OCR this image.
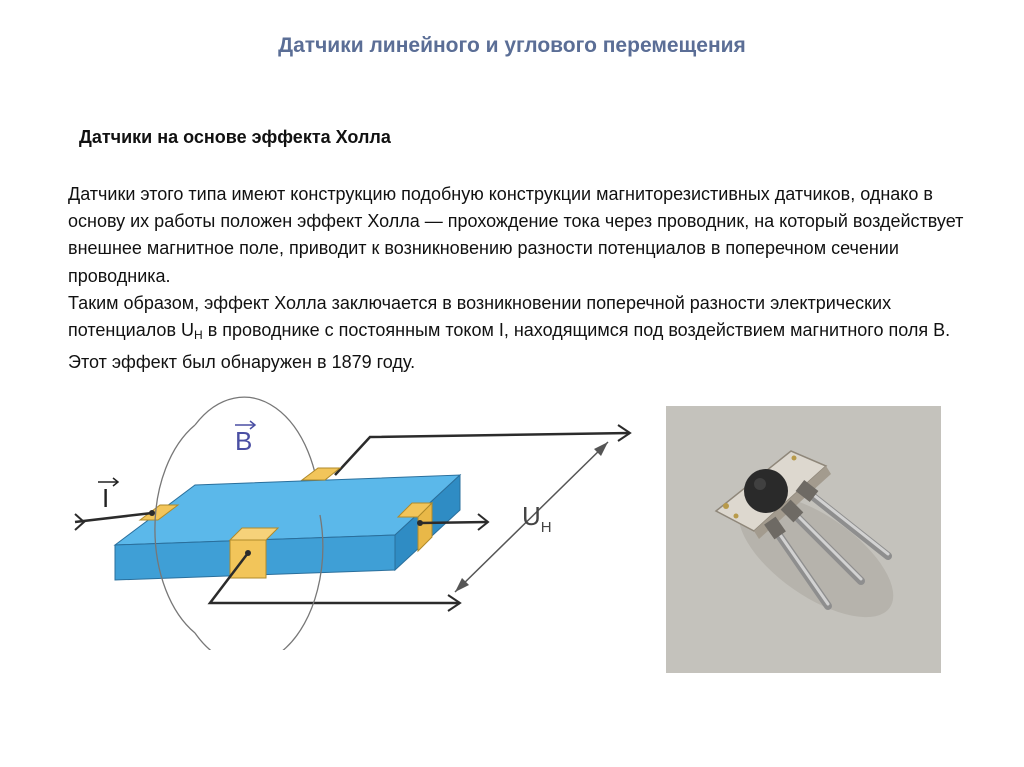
Датчики линейного и углового перемещения
Датчики на основе эффекта Холла

Датчики этого типа имеют конструкцию подобную конструкции магниторезистивных датчиков, однако в основу их работы положен эффект Холла — прохождение тока через проводник, на который воздействует внешнее магнитное поле, приводит к возникновению разности потенциалов в поперечном сечении проводника.

Таким образом, эффект Холла заключается в возникновении поперечной разности электрических потенциалов $U_H$ в проводнике с постоянным током I, находящимся под воздействием магнитного поля B. Этот эффект был обнаружен в 1879 году.

I
B
$U_H$
